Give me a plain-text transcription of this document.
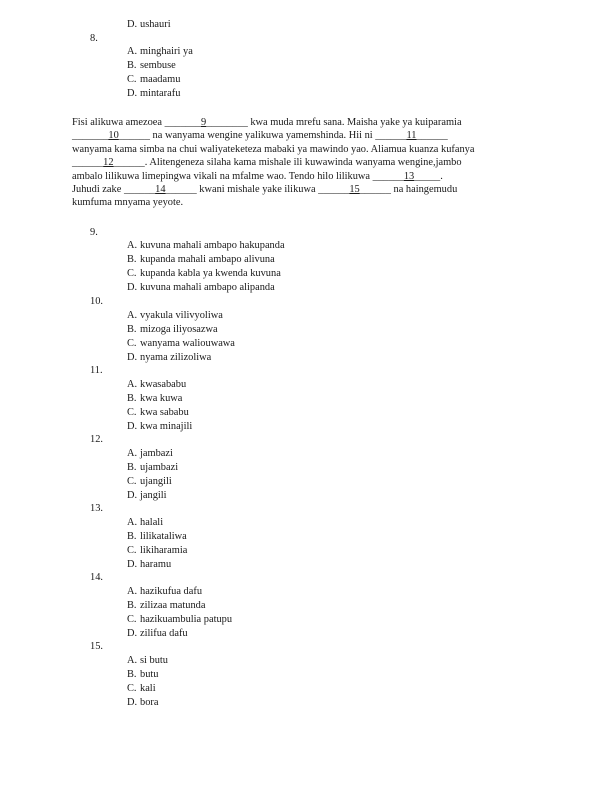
D. ushauri
8.
A. minghairi ya
B. sembuse
C. maadamu
D. mintarafu
Fisi alikuwa amezoea _______9________ kwa muda mrefu sana. Maisha yake ya kuiparamia
_______10______ na wanyama wengine yalikuwa yamemshinda. Hii ni ______11______
wanyama kama simba na chui waliyateketeza mabaki ya mawindo yao. Aliamua kuanza kufanya
______12______. Alitengeneza silaha kama mishale ili kuwawinda wanyama wengine,jambo
ambalo lilikuwa limepingwa vikali na mfalme wao. Tendo hilo lilikuwa ______13_____.
Juhudi zake ______14______ kwani mishale yake ilikuwa ______15______ na haingemudu
kumfuma mnyama yeyote.
9.
A. kuvuna mahali ambapo hakupanda
B. kupanda mahali ambapo alivuna
C. kupanda kabla ya kwenda kuvuna
D. kuvuna mahali ambapo alipanda
10.
A. vyakula vilivyoliwa
B. mizoga iliyosazwa
C. wanyama waliouwawa
D. nyama zilizoliwa
11.
A. kwasababu
B. kwa kuwa
C. kwa sababu
D. kwa minajili
12.
A. jambazi
B. ujambazi
C. ujangili
D. jangili
13.
A. halali
B. lilikataliwa
C. likiharamia
D. haramu
14.
A. hazikufua dafu
B. zilizaa matunda
C. hazikuambulia patupu
D. zilifua dafu
15.
A. si butu
B. butu
C. kali
D. bora
